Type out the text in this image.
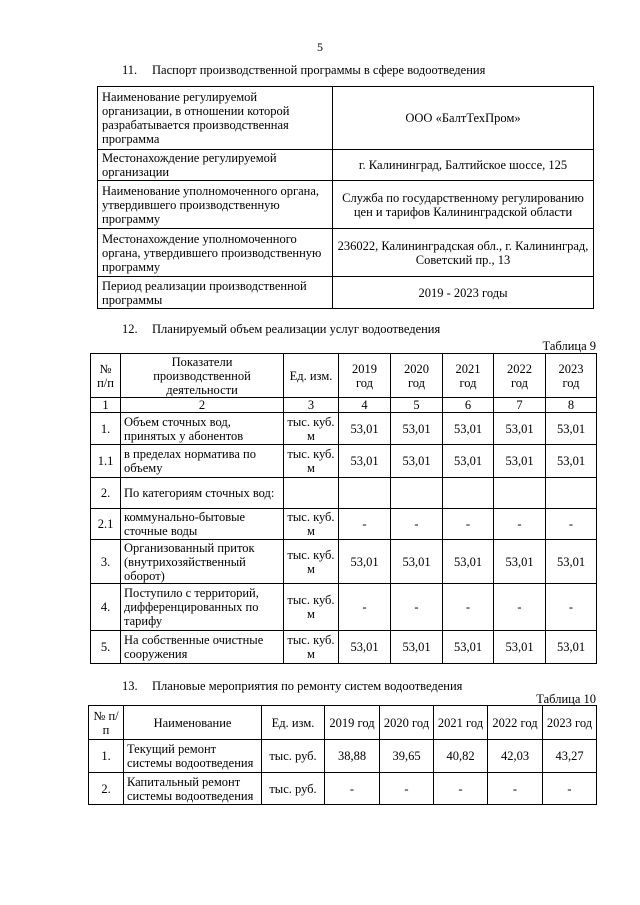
5
11. Паспорт производственной программы в сфере водоотведения
Наименование регулируемой организации, в отношении которой разрабатывается производственная программа	ООО «БалтТехПром»
Местонахождение регулируемой организации	г. Калининград, Балтийское шоссе, 125
Наименование уполномоченного органа, утвердившего производственную программу	Служба по государственному регулированию цен и тарифов Калининградской области
Местонахождение уполномоченного органа, утвердившего производственную программу	236022, Калининградская обл., г. Калининград, Советский пр., 13
Период реализации производственной программы	2019 - 2023 годы
12. Планируемый объем реализации услуг водоотведения
Таблица 9
№ п/п	Показатели производственной деятельности	Ед. изм.	2019 год	2020 год	2021 год	2022 год	2023 год
1	2	3	4	5	6	7	8
1.	Объем сточных вод, принятых у абонентов	тыс. куб. м	53,01	53,01	53,01	53,01	53,01
1.1	в пределах норматива по объему	тыс. куб. м	53,01	53,01	53,01	53,01	53,01
2.	По категориям сточных вод:						
2.1	коммунально-бытовые сточные воды	тыс. куб. м	-	-	-	-	-
3.	Организованный приток (внутрихозяйственный оборот)	тыс. куб. м	53,01	53,01	53,01	53,01	53,01
4.	Поступило с территорий, дифференцированных по тарифу	тыс. куб. м	-	-	-	-	-
5.	На собственные очистные сооружения	тыс. куб. м	53,01	53,01	53,01	53,01	53,01
13. Плановые мероприятия по ремонту систем водоотведения
Таблица 10
№ п/п	Наименование	Ед. изм.	2019 год	2020 год	2021 год	2022 год	2023 год
1.	Текущий ремонт системы водоотведения	тыс. руб.	38,88	39,65	40,82	42,03	43,27
2.	Капитальный ремонт системы водоотведения	тыс. руб.	-	-	-	-	-
